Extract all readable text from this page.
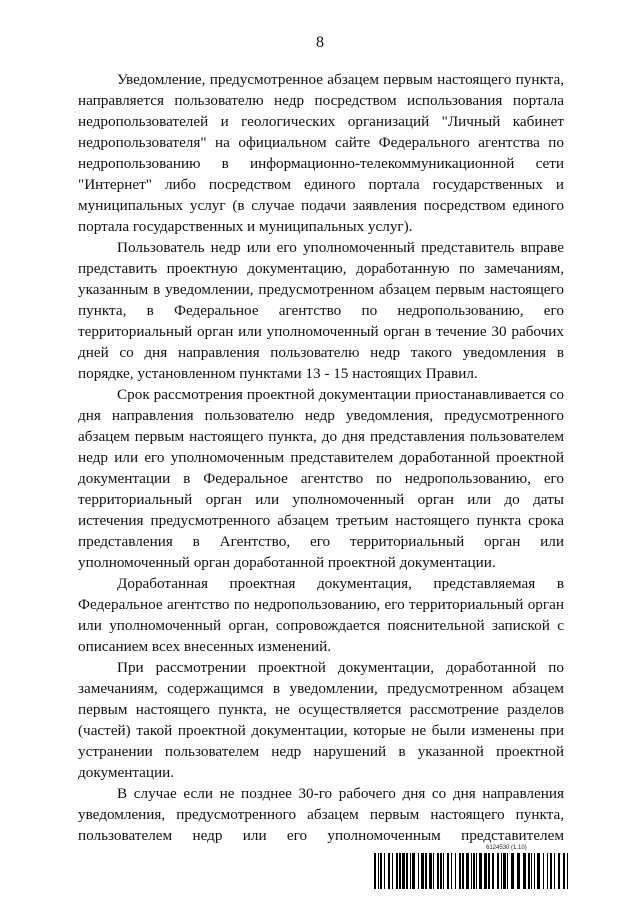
8

Уведомление, предусмотренное абзацем первым настоящего пункта, направляется пользователю недр посредством использования портала недропользователей и геологических организаций "Личный кабинет недропользователя" на официальном сайте Федерального агентства по недропользованию в информационно-телекоммуникационной сети "Интернет" либо посредством единого портала государственных и муниципальных услуг (в случае подачи заявления посредством единого портала государственных и муниципальных услуг).

Пользователь недр или его уполномоченный представитель вправе представить проектную документацию, доработанную по замечаниям, указанным в уведомлении, предусмотренном абзацем первым настоящего пункта, в Федеральное агентство по недропользованию, его территориальный орган или уполномоченный орган в течение 30 рабочих дней со дня направления пользователю недр такого уведомления в порядке, установленном пунктами 13 - 15 настоящих Правил.

Срок рассмотрения проектной документации приостанавливается со дня направления пользователю недр уведомления, предусмотренного абзацем первым настоящего пункта, до дня представления пользователем недр или его уполномоченным представителем доработанной проектной документации в Федеральное агентство по недропользованию, его территориальный орган или уполномоченный орган или до даты истечения предусмотренного абзацем третьим настоящего пункта срока представления в Агентство, его территориальный орган или уполномоченный орган доработанной проектной документации.

Доработанная проектная документация, представляемая в Федеральное агентство по недропользованию, его территориальный орган или уполномоченный орган, сопровождается пояснительной запиской с описанием всех внесенных изменений.

При рассмотрении проектной документации, доработанной по замечаниям, содержащимся в уведомлении, предусмотренном абзацем первым настоящего пункта, не осуществляется рассмотрение разделов (частей) такой проектной документации, которые не были изменены при устранении пользователем недр нарушений в указанной проектной документации.

В случае если не позднее 30-го рабочего дня со дня направления уведомления, предусмотренного абзацем первым настоящего пункта, пользователем недр или его уполномоченным представителем

6124530 (1.10)
